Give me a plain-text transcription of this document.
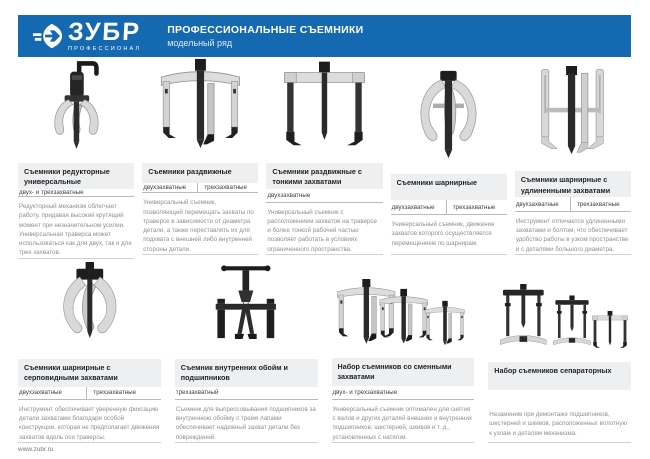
ЗУБР
ПРОФЕССИОНАЛ
ПРОФЕССИОНАЛЬНЫЕ СЪЕМНИКИ
модельный ряд
Съемники редукторные универсальные
двух- и трехзахватные

Редукторный механизм облегчает работу, придавая высокий крутящий момент при незначительном усилии. Универсальная траверса может использоваться как для двух, так и для трех захватов.

Съемники раздвижные
двухзахватные	трехзахватные

Универсальный съемник, позволяющий перемещать захваты по траверсе в зависимости от диаметра детали, а также переставлять их для подхвата с внешней либо внутренней стороны детали.

Съемники раздвижные с тонкими захватами
двухзахватные

Универсальный съемник с расположением захватов на траверсе и более тонкой рабочей частью позволяет работать в условиях ограниченного пространства.

Съемники шарнирные
двухзахватные	трехзахватные

Универсальный съемник, движение захватов которого осуществляется перемещением по шарнирам.

Съемники шарнирные с удлиненными захватами
двухзахватные	трехзахватные

Инструмент отличается удлиненными захватами и болтом, что обеспечивает удобство работы в узком пространстве и с деталями большого диаметра.

Съемники шарнирные с серповидными захватами
двухзахватные	трехзахватные

Инструмент обеспечивает уверенную фиксацию детали захватами благодаря особой конструкции, которая не предполагает движения захватов вдоль оси траверсы.

Съемник внутренних обойм и подшипников
трехзахватный

Съемник для выпрессовывания подшипников за внутреннюю обойму с тремя лапами обеспечивает надежный захват детали без повреждений.

Набор съемников со сменными захватами
двух- и трехзахватные

Универсальный съемник оптимален для снятия с валов и других деталей внешних и внутренних подшипников, шестерней, шкивов и т. д., установленных с натягом.

Набор съемников сепараторных

Незаменим при демонтаже подшипников, шестерней и шкивов, расположенных вплотную к узлам и деталям механизма.

www.zubr.ru
